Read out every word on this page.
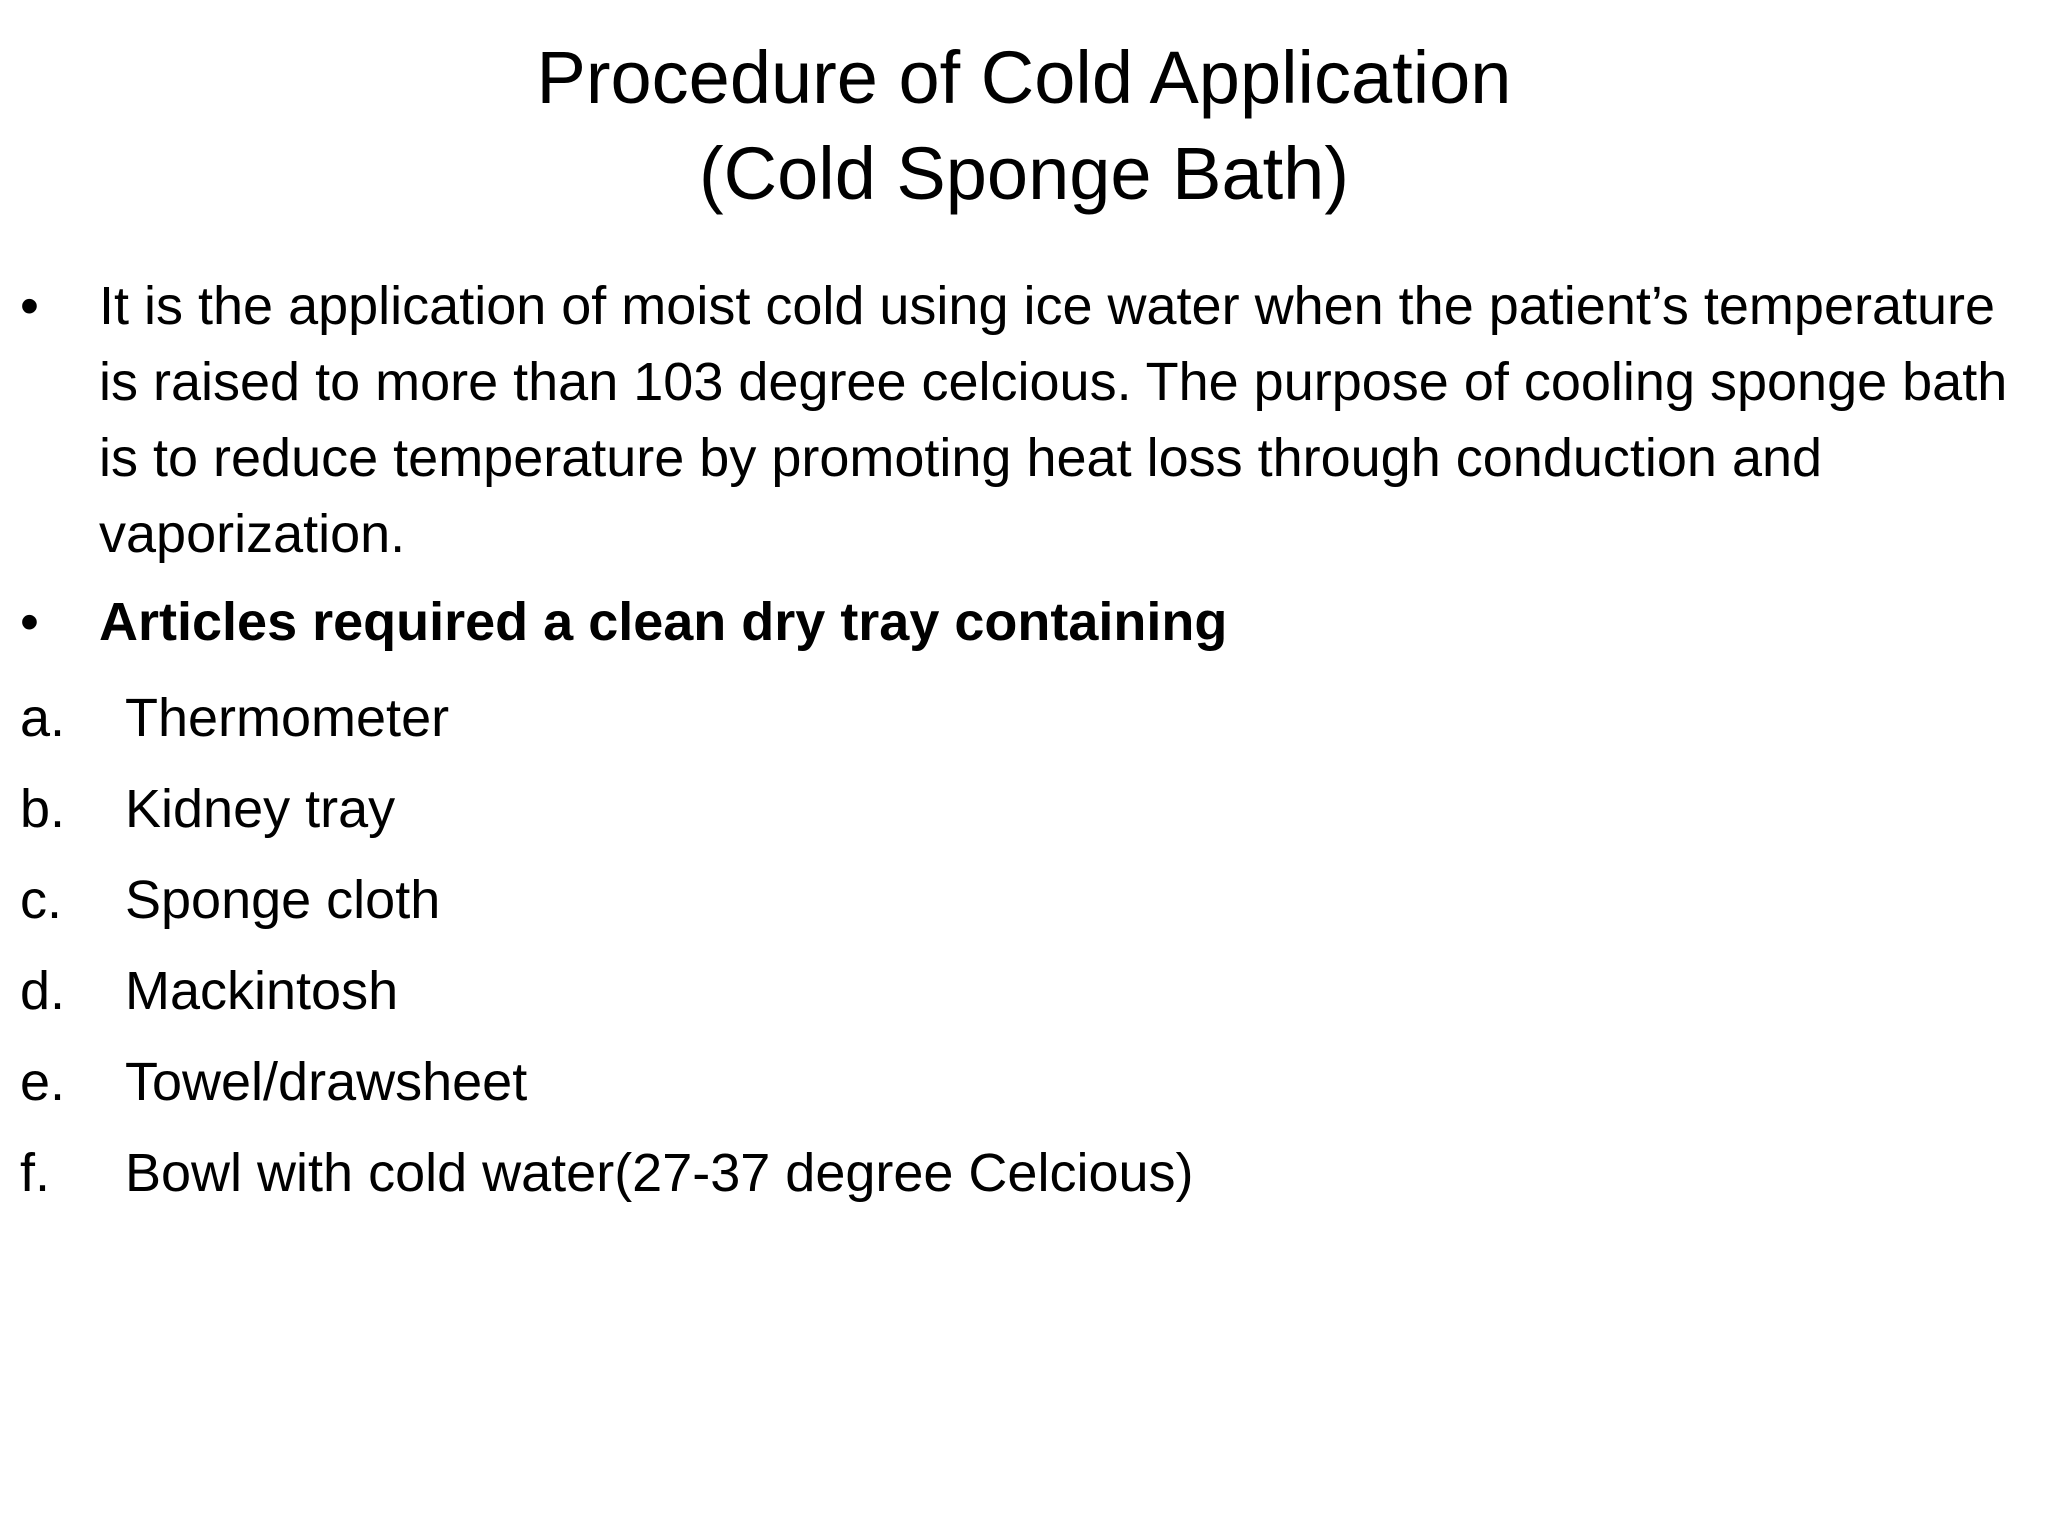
Procedure of Cold Application
(Cold Sponge Bath)
•	It is the application of moist cold using ice water when the patient’s temperature is raised to more than 103 degree celcious. The purpose of cooling sponge bath is to reduce temperature by promoting heat loss through conduction and vaporization.
•	Articles required a clean dry tray containing
a. Thermometer
b. Kidney tray
c. Sponge cloth
d. Mackintosh
e. Towel/drawsheet
f. Bowl with cold water(27-37 degree Celcious)
